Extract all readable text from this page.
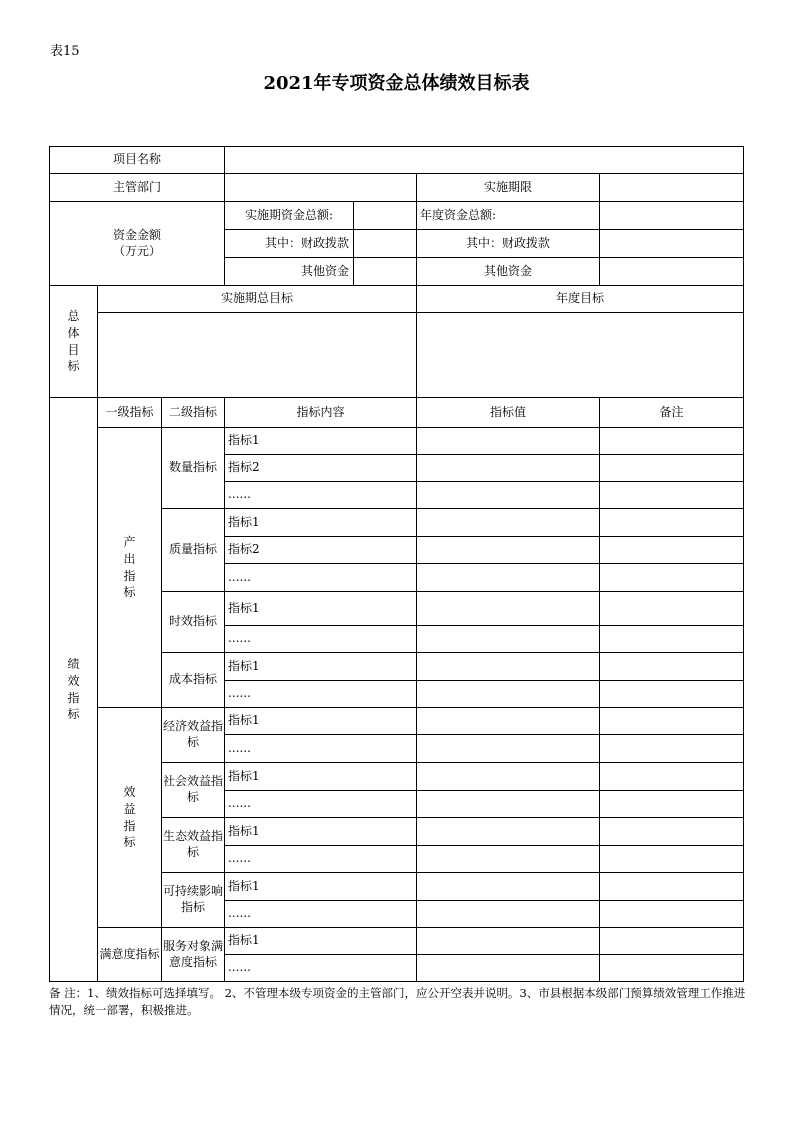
表15
2021年专项资金总体绩效目标表
项目名称						
主管部门					实施期限	
资金金额
（万元）			实施期资金总额:		年度资金总额:	
			其中：财政拨款		其中：财政拨款	
			其他资金		其他资金	
总体目标	实施期总目标				年度目标	

绩效指标	一级指标	二级指标	指标内容		指标值	备注
	产出指标	数量指标	指标1			
			指标2			
			......			
		质量指标	指标1			
			指标2			
			......			
		时效指标	指标1			
			......			
		成本指标	指标1			
			......			
	效益指标	经济效益指标	指标1			
			......			
		社会效益指标	指标1			
			......			
		生态效益指标	指标1			
			......			
		可持续影响指标	指标1			
			......			
	满意度指标	服务对象满意度指标	指标1			
			......			
备 注：1、绩效指标可选择填写。 2、不管理本级专项资金的主管部门，应公开空表并说明。3、市县根据本级部门预算绩效管理工作推进情况，统一部署，积极推进。
